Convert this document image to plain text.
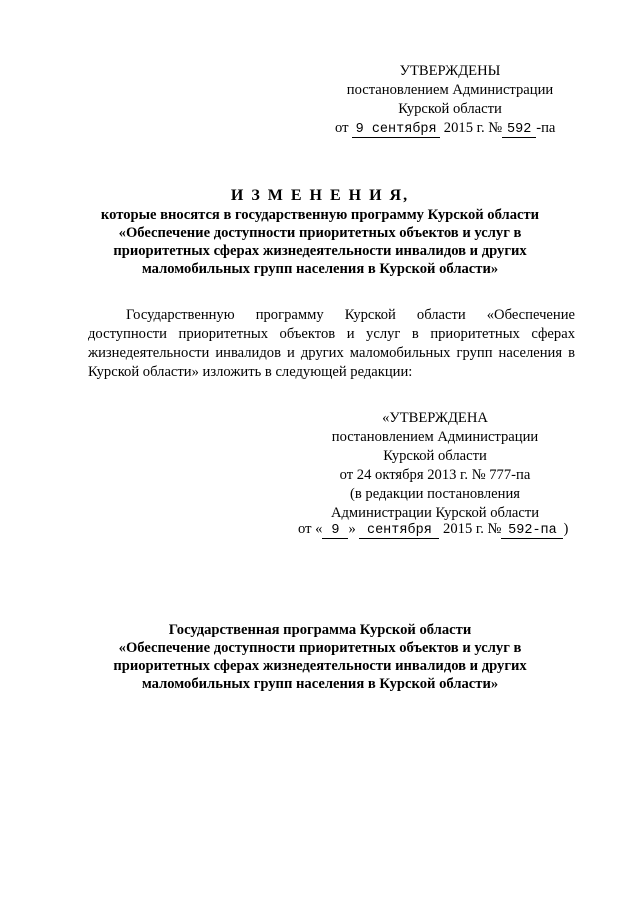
УТВЕРЖДЕНЫ
постановлением Администрации
Курской области
от 9 сентября 2015 г. № 592 -па
И З М Е Н Е Н И Я,
которые вносятся в государственную программу Курской области
«Обеспечение доступности приоритетных объектов и услуг в
приоритетных сферах жизнедеятельности инвалидов и других
маломобильных групп населения в Курской области»
Государственную программу Курской области «Обеспечение
доступности приоритетных объектов и услуг в приоритетных сферах
жизнедеятельности инвалидов и других маломобильных групп населения в
Курской области» изложить в следующей редакции:
«УТВЕРЖДЕНА
постановлением Администрации
Курской области
от 24 октября 2013 г. № 777-па
(в редакции постановления
Администрации Курской области
от « 9 » сентября 2015 г. № 592-па )
Государственная программа Курской области
«Обеспечение доступности приоритетных объектов и услуг в
приоритетных сферах жизнедеятельности инвалидов и других
маломобильных групп населения в Курской области»
